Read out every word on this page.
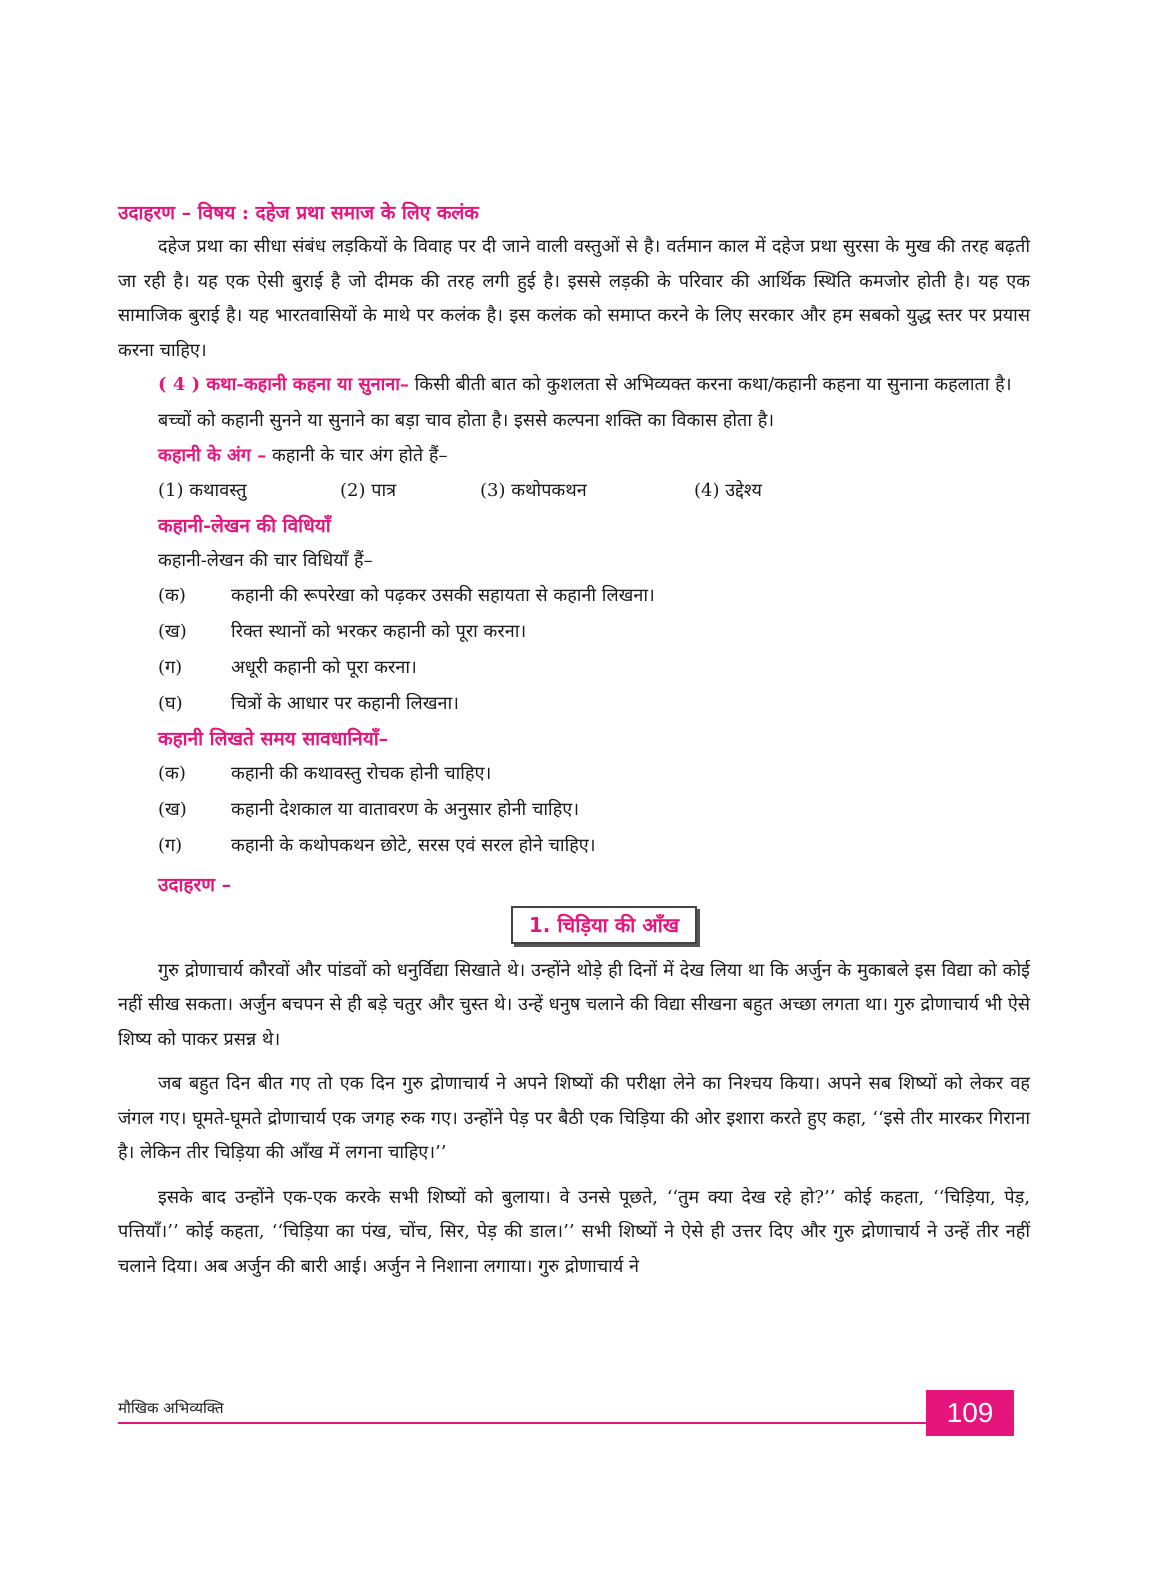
उदाहरण – विषय : दहेज प्रथा समाज के लिए कलंक
दहेज प्रथा का सीधा संबंध लड़कियों के विवाह पर दी जाने वाली वस्तुओं से है। वर्तमान काल में दहेज प्रथा सुरसा के मुख की तरह बढ़ती जा रही है। यह एक ऐसी बुराई है जो दीमक की तरह लगी हुई है। इससे लड़की के परिवार की आर्थिक स्थिति कमजोर होती है। यह एक सामाजिक बुराई है। यह भारतवासियों के माथे पर कलंक है। इस कलंक को समाप्त करने के लिए सरकार और हम सबको युद्ध स्तर पर प्रयास करना चाहिए।
( 4 ) कथा-कहानी कहना या सुनाना– किसी बीती बात को कुशलता से अभिव्यक्त करना कथा/कहानी कहना या सुनाना कहलाता है।
बच्चों को कहानी सुनने या सुनाने का बड़ा चाव होता है। इससे कल्पना शक्ति का विकास होता है।
कहानी के अंग – कहानी के चार अंग होते हैं–
(1) कथावस्तु	(2) पात्र	(3) कथोपकथन	(4) उद्देश्य
कहानी-लेखन की विधियाँ
कहानी-लेखन की चार विधियाँ हैं–
(क)	कहानी की रूपरेखा को पढ़कर उसकी सहायता से कहानी लिखना।
(ख)	रिक्त स्थानों को भरकर कहानी को पूरा करना।
(ग)	अधूरी कहानी को पूरा करना।
(घ)	चित्रों के आधार पर कहानी लिखना।
कहानी लिखते समय सावधानियाँ–
(क)	कहानी की कथावस्तु रोचक होनी चाहिए।
(ख)	कहानी देशकाल या वातावरण के अनुसार होनी चाहिए।
(ग)	कहानी के कथोपकथन छोटे, सरस एवं सरल होने चाहिए।
उदाहरण –
1. चिड़िया की आँख
गुरु द्रोणाचार्य कौरवों और पांडवों को धनुर्विद्या सिखाते थे। उन्होंने थोड़े ही दिनों में देख लिया था कि अर्जुन के मुकाबले इस विद्या को कोई नहीं सीख सकता। अर्जुन बचपन से ही बड़े चतुर और चुस्त थे। उन्हें धनुष चलाने की विद्या सीखना बहुत अच्छा लगता था। गुरु द्रोणाचार्य भी ऐसे शिष्य को पाकर प्रसन्न थे।
जब बहुत दिन बीत गए तो एक दिन गुरु द्रोणाचार्य ने अपने शिष्यों की परीक्षा लेने का निश्चय किया। अपने सब शिष्यों को लेकर वह जंगल गए। घूमते-घूमते द्रोणाचार्य एक जगह रुक गए। उन्होंने पेड़ पर बैठी एक चिड़िया की ओर इशारा करते हुए कहा, ‘‘इसे तीर मारकर गिराना है। लेकिन तीर चिड़िया की आँख में लगना चाहिए।’’
इसके बाद उन्होंने एक-एक करके सभी शिष्यों को बुलाया। वे उनसे पूछते, ‘‘तुम क्या देख रहे हो?’’ कोई कहता, ‘‘चिड़िया, पेड़, पत्तियाँ।’’ कोई कहता, ‘‘चिड़िया का पंख, चोंच, सिर, पेड़ की डाल।’’ सभी शिष्यों ने ऐसे ही उत्तर दिए और गुरु द्रोणाचार्य ने उन्हें तीर नहीं चलाने दिया। अब अर्जुन की बारी आई। अर्जुन ने निशाना लगाया। गुरु द्रोणाचार्य ने
मौखिक अभिव्यक्ति	109
